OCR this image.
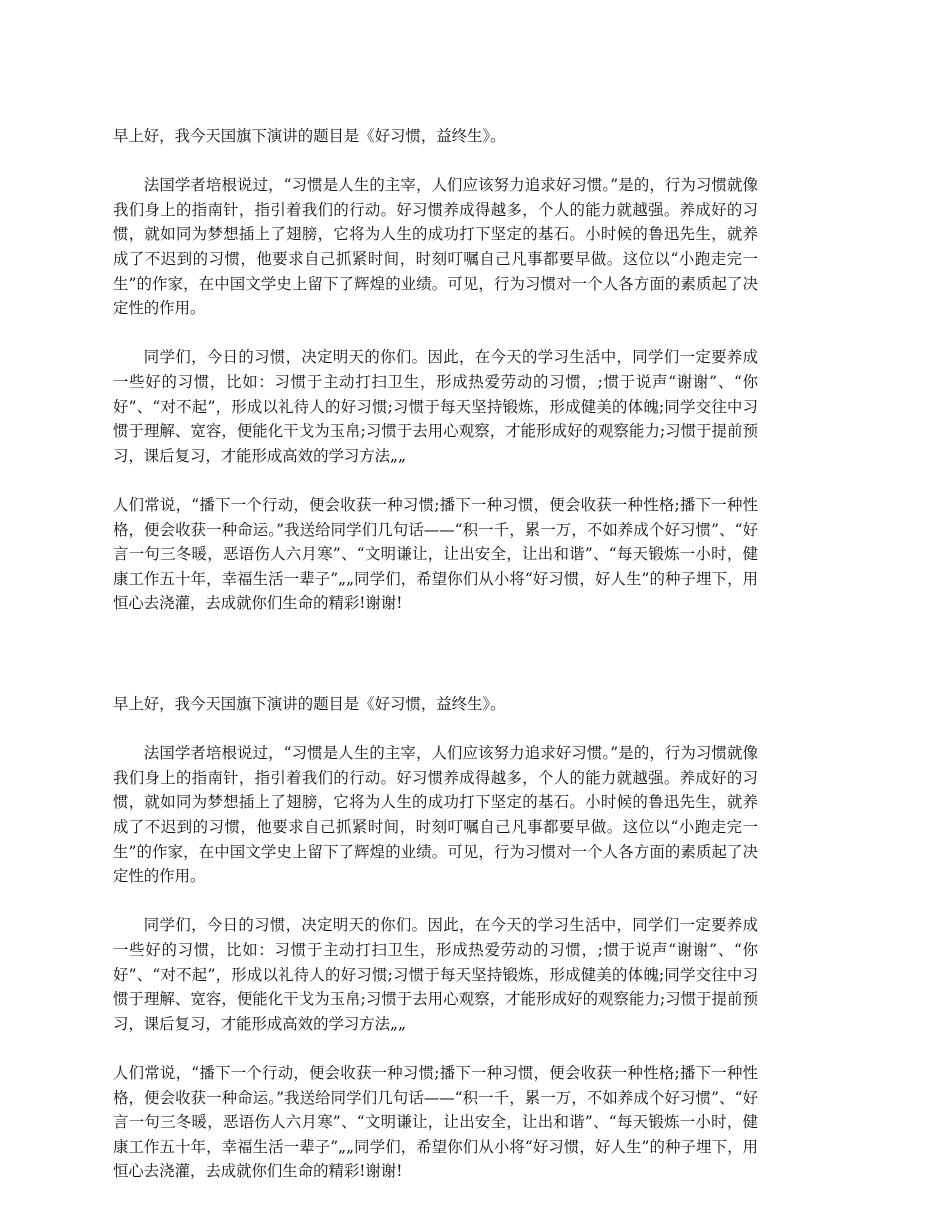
早上好，我今天国旗下演讲的题目是《好习惯，益终生》。

法国学者培根说过，“习惯是人生的主宰，人们应该努力追求好习惯。”是的，行为习惯就像我们身上的指南针，指引着我们的行动。好习惯养成得越多，个人的能力就越强。养成好的习惯，就如同为梦想插上了翅膀，它将为人生的成功打下坚定的基石。小时候的鲁迅先生，就养成了不迟到的习惯，他要求自己抓紧时间，时刻叮嘱自己凡事都要早做。这位以“小跑走完一生”的作家，在中国文学史上留下了辉煌的业绩。可见，行为习惯对一个人各方面的素质起了决定性的作用。

同学们，今日的习惯，决定明天的你们。因此，在今天的学习生活中，同学们一定要养成一些好的习惯，比如：习惯于主动打扫卫生，形成热爱劳动的习惯，;惯于说声“谢谢”、“你好”、“对不起”，形成以礼待人的好习惯;习惯于每天坚持锻炼，形成健美的体魄;同学交往中习惯于理解、宽容，便能化干戈为玉帛;习惯于去用心观察，才能形成好的观察能力;习惯于提前预习，课后复习，才能形成高效的学习方法„„

人们常说，“播下一个行动，便会收获一种习惯;播下一种习惯，便会收获一种性格;播下一种性格，便会收获一种命运。”我送给同学们几句话——“积一千，累一万，不如养成个好习惯”、“好言一句三冬暖，恶语伤人六月寒”、“文明谦让，让出安全，让出和谐”、“每天锻炼一小时，健康工作五十年，幸福生活一辈子”„„同学们，希望你们从小将“好习惯，好人生”的种子埋下，用恒心去浇灌，去成就你们生命的精彩!谢谢!

早上好，我今天国旗下演讲的题目是《好习惯，益终生》。

法国学者培根说过，“习惯是人生的主宰，人们应该努力追求好习惯。”是的，行为习惯就像我们身上的指南针，指引着我们的行动。好习惯养成得越多，个人的能力就越强。养成好的习惯，就如同为梦想插上了翅膀，它将为人生的成功打下坚定的基石。小时候的鲁迅先生，就养成了不迟到的习惯，他要求自己抓紧时间，时刻叮嘱自己凡事都要早做。这位以“小跑走完一生”的作家，在中国文学史上留下了辉煌的业绩。可见，行为习惯对一个人各方面的素质起了决定性的作用。

同学们，今日的习惯，决定明天的你们。因此，在今天的学习生活中，同学们一定要养成一些好的习惯，比如：习惯于主动打扫卫生，形成热爱劳动的习惯，;惯于说声“谢谢”、“你好”、“对不起”，形成以礼待人的好习惯;习惯于每天坚持锻炼，形成健美的体魄;同学交往中习惯于理解、宽容，便能化干戈为玉帛;习惯于去用心观察，才能形成好的观察能力;习惯于提前预习，课后复习，才能形成高效的学习方法„„

人们常说，“播下一个行动，便会收获一种习惯;播下一种习惯，便会收获一种性格;播下一种性格，便会收获一种命运。”我送给同学们几句话——“积一千，累一万，不如养成个好习惯”、“好言一句三冬暖，恶语伤人六月寒”、“文明谦让，让出安全，让出和谐”、“每天锻炼一小时，健康工作五十年，幸福生活一辈子”„„同学们，希望你们从小将“好习惯，好人生”的种子埋下，用恒心去浇灌，去成就你们生命的精彩!谢谢!
